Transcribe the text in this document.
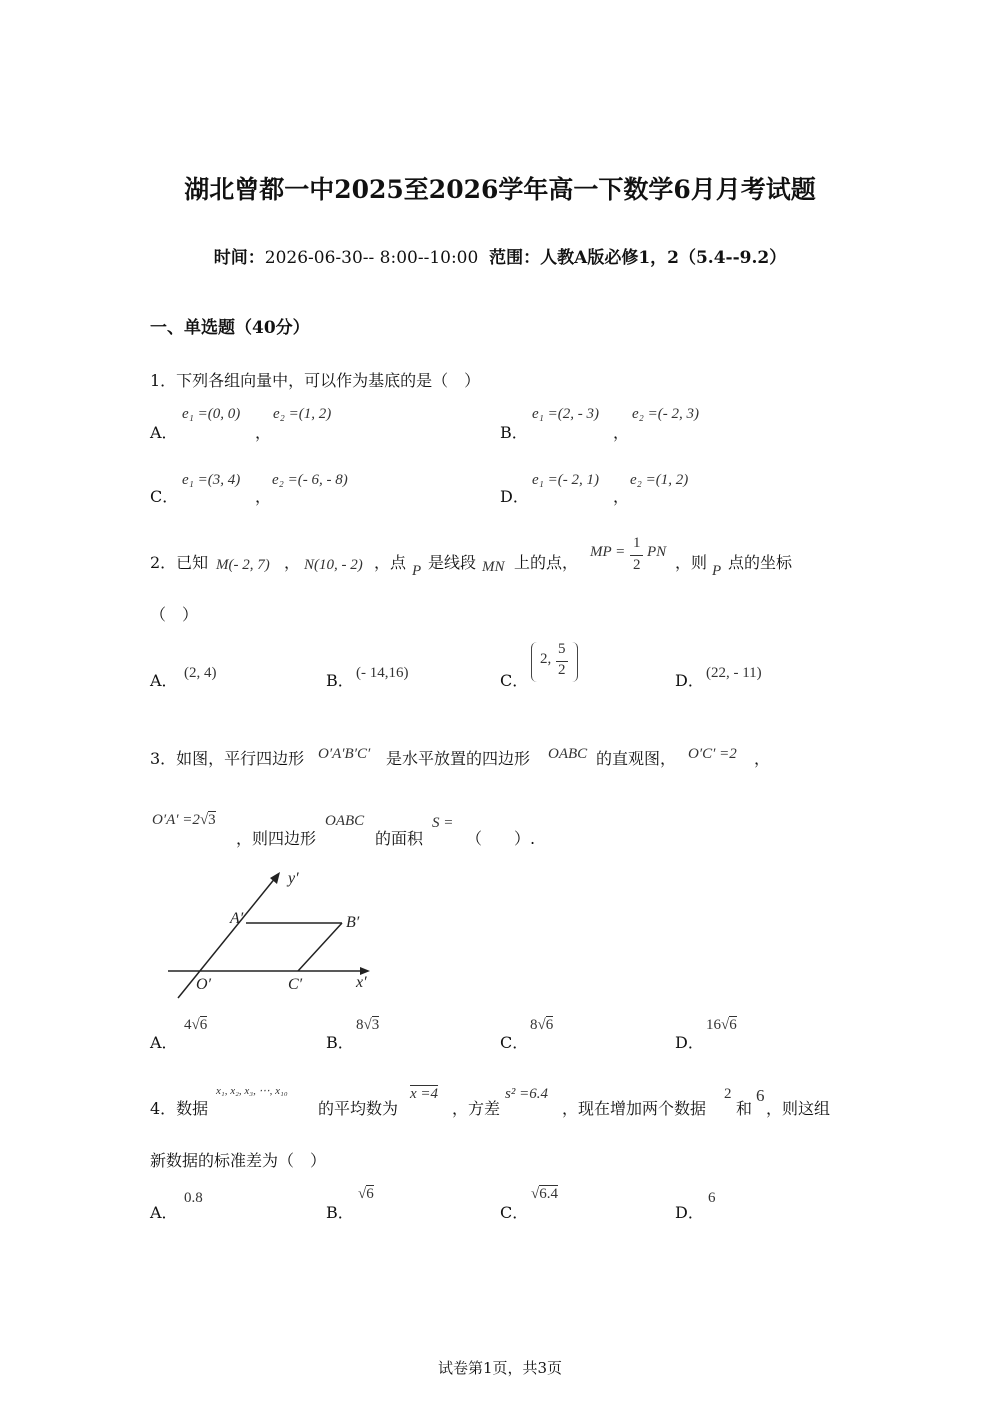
湖北曾都一中2025至2026学年高一下数学6月月考试题
时间：2026-06-30-- 8:00--10:00 范围：人教A版必修1，2（5.4--9.2）
一、单选题（40分）
1．下列各组向量中，可以作为基底的是（　）
A．
e₁ =(0, 0)
，
e₂ =(1, 2)
B．
e₁ =(2, - 3)
，
e₂ =(- 2, 3)
C．
e₁ =(3, 4)
，
e₂ =(- 6, - 8)
D．
e₁ =(- 2, 1)
，
e₂ =(1, 2)
2．已知 M(- 2, 7) ， N(10, - 2) ，点 P 是线段 MN 上的点，
MP =
1
2
PN
，则 P 点的坐标
（　）
A． (2, 4)	B． (- 14,16)	C．
2,
5
2
D． (22, - 11)
3．如图，平行四边形 O′A′B′C′ 是水平放置的四边形 OABC 的直观图， O′C′ =2 ，
O′A′ =2√3
，则四边形
OABC
的面积
S =
（　　）.
y′
A′	B′
O′	C′	x′
A．
4√6
B．
8√3
C．
8√6
D．
16√6
4．数据
x₁, x₂, x₃, ⋯, x₁₀
的平均数为
x =4
，方差
s² =6.4
，现在增加两个数据
2
和
6
，则这组
新数据的标准差为（　）
A．
0.8
B．
√6
C．
√6.4
D．
6
试卷第1页，共3页
